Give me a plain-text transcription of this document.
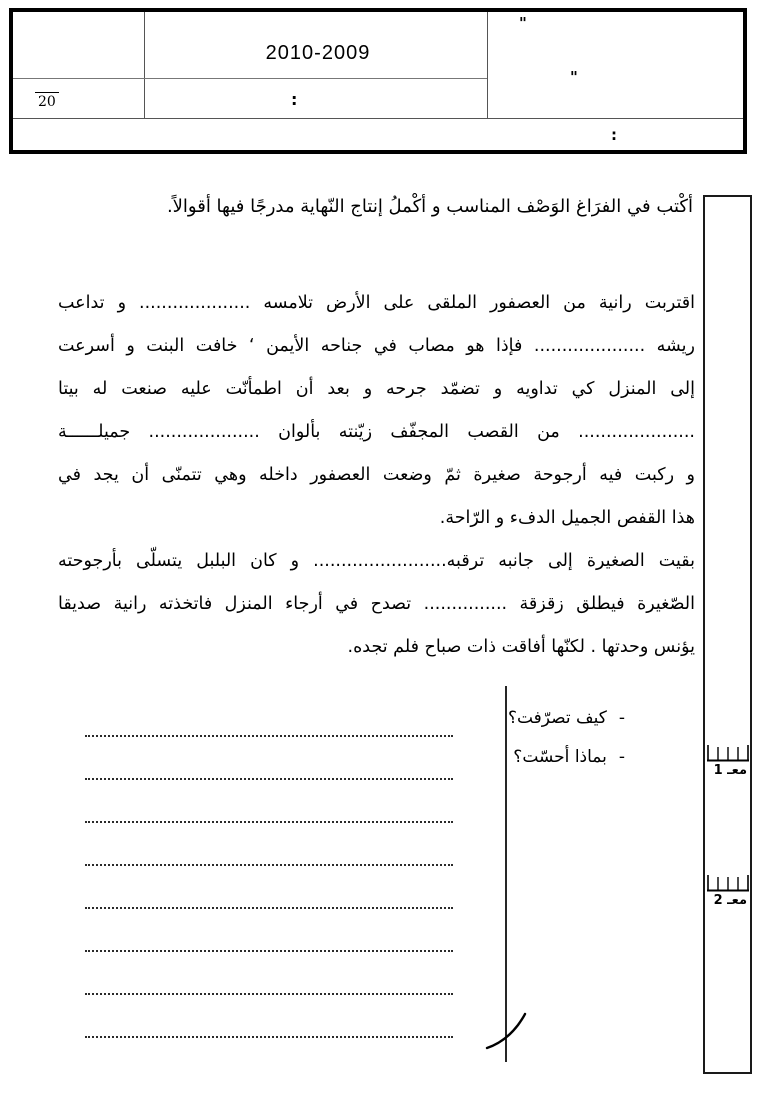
20
2010-2009
:
"
"
:
أكْتب في الفرَاغ الوَصْف المناسب و أكْملُ إنتاج النّهاية مدرجًا فيها أقوالاً.
اقتربت رانية من العصفور الملقى على الأرض تلامسه .................... و تداعب
ريشه .................... فإذا هو مصاب في جناحه الأيمن ‘ خافت البنت و أسرعت
إلى المنزل كي تداويه و تضمّد جرحه و بعد أن اطمأنّت عليه صنعت له بيتا
..................... من القصب المجفّف زيّنته بألوان .................... جميلــــــة
و ركبت فيه أرجوحة صغيرة ثمّ وضعت العصفور داخله وهي تتمنّى أن يجد في
هذا القفص الجميل الدفء و الرّاحة.
بقيت الصغيرة إلى جانبه ترقبه........................ و كان البلبل يتسلّى بأرجوحته
الصّغيرة فيطلق زقزقة ............... تصدح في أرجاء المنزل فاتخذته رانية صديقا
يؤنس وحدتها . لكنّها أفاقت ذات صباح فلم تجده.
-كيف تصرّفت؟
-بماذا أحسّت؟
معـ 1
معـ 2
